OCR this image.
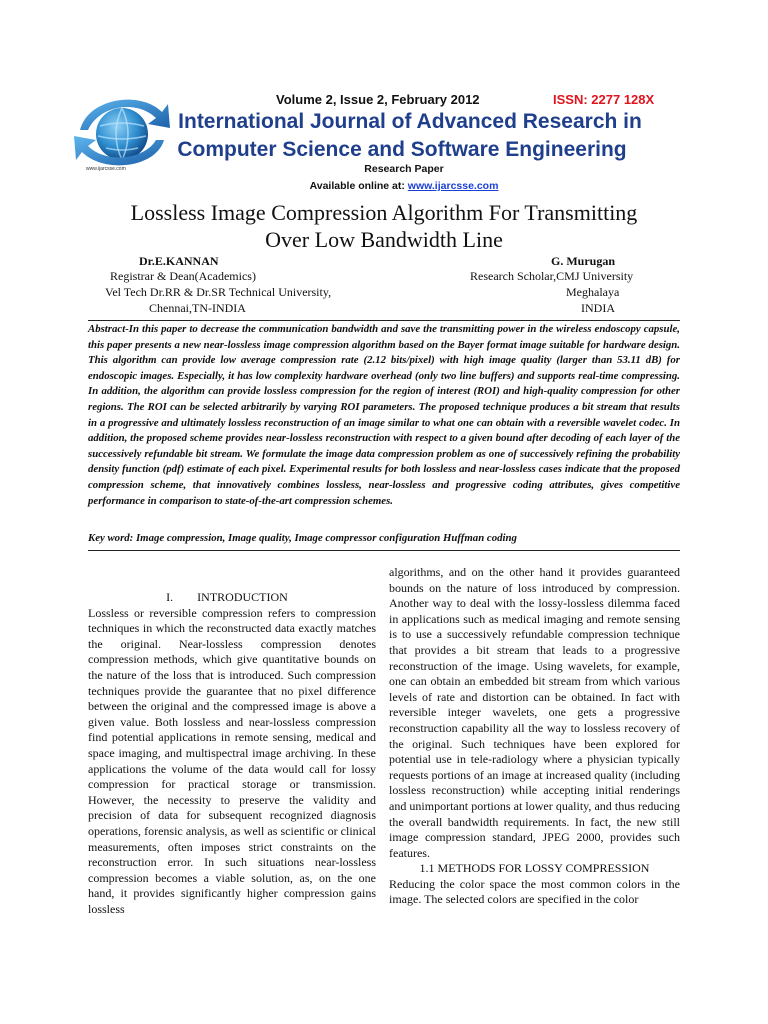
www.ijarcsse.com
Volume 2, Issue 2, February 2012	ISSN: 2277 128X
International Journal of Advanced Research in
Computer Science and Software Engineering
Research Paper
Available online at: www.ijarcsse.com
Lossless Image Compression Algorithm For Transmitting
Over Low Bandwidth Line
Dr.E.KANNAN
Registrar & Dean(Academics)
Vel Tech Dr.RR & Dr.SR Technical University,
Chennai,TN-INDIA
G. Murugan
Research Scholar,CMJ University
Meghalaya
INDIA
Abstract-In this paper to decrease the communication bandwidth and save the transmitting power in the wireless endoscopy capsule, this paper presents a new near-lossless image compression algorithm based on the Bayer format image suitable for hardware design. This algorithm can provide low average compression rate (2.12 bits/pixel) with high image quality (larger than 53.11 dB) for endoscopic images. Especially, it has low complexity hardware overhead (only two line buffers) and supports real-time compressing. In addition, the algorithm can provide lossless compression for the region of interest (ROI) and high-quality compression for other regions. The ROI can be selected arbitrarily by varying ROI parameters. The proposed technique produces a bit stream that results in a progressive and ultimately lossless reconstruction of an image similar to what one can obtain with a reversible wavelet codec. In addition, the proposed scheme provides near-lossless reconstruction with respect to a given bound after decoding of each layer of the successively refundable bit stream. We formulate the image data compression problem as one of successively refining the probability density function (pdf) estimate of each pixel. Experimental results for both lossless and near-lossless cases indicate that the proposed compression scheme, that innovatively combines lossless, near-lossless and progressive coding attributes, gives competitive performance in comparison to state-of-the-art compression schemes.
Key word: Image compression, Image quality, Image compressor configuration Huffman coding
I.        INTRODUCTION

Lossless or reversible compression refers to compression techniques in which the reconstructed data exactly matches the original. Near-lossless compression denotes compression methods, which give quantitative bounds on the nature of the loss that is introduced. Such compression techniques provide the guarantee that no pixel difference between the original and the compressed image is above a given value. Both lossless and near-lossless compression find potential applications in remote sensing, medical and space imaging, and multispectral image archiving. In these applications the volume of the data would call for lossy compression for practical storage or transmission. However, the necessity to preserve the validity and precision of data for subsequent recognized diagnosis operations, forensic analysis, as well as scientific or clinical measurements, often imposes strict constraints on the reconstruction error. In such situations near-lossless compression becomes a viable solution, as, on the one hand, it provides significantly higher compression gains lossless

algorithms, and on the other hand it provides guaranteed bounds on the nature of loss introduced by compression. Another way to deal with the lossy-lossless dilemma faced in applications such as medical imaging and remote sensing is to use a successively refundable compression technique that provides a bit stream that leads to a progressive reconstruction of the image. Using wavelets, for example, one can obtain an embedded bit stream from which various levels of rate and distortion can be obtained. In fact with reversible integer wavelets, one gets a progressive reconstruction capability all the way to lossless recovery of the original. Such techniques have been explored for potential use in tele-radiology where a physician typically requests portions of an image at increased quality (including lossless reconstruction) while accepting initial renderings and unimportant portions at lower quality, and thus reducing the overall bandwidth requirements. In fact, the new still image compression standard, JPEG 2000, provides such features.

1.1 METHODS FOR LOSSY COMPRESSION

Reducing the color space the most common colors in the image. The selected colors are specified in the color
